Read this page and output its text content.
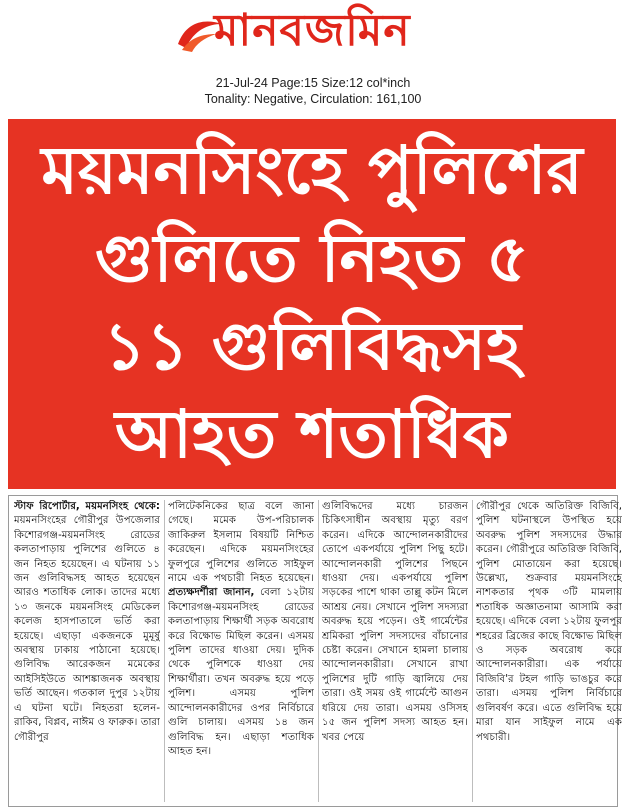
মানবজমিন
21-Jul-24 Page:15 Size:12 col*inch
Tonality: Negative, Circulation: 161,100
ময়মনসিংহে পুলিশের
গুলিতে নিহত ৫
১১ গুলিবিদ্ধসহ
আহত শতাধিক
স্টাফ রিপোর্টার, ময়মনসিংহ থেকে: ময়মনসিংহের গৌরীপুর উপজেলার কিশোরগঞ্জ-ময়মনসিংহ রোডের কলতাপাড়ায় পুলিশের গুলিতে ৪ জন নিহত হয়েছেন। এ ঘটনায় ১১ জন গুলিবিদ্ধসহ আহত হয়েছেন আরও শতাধিক লোক। তাদের মধ্যে ১৩ জনকে ময়মনসিংহ মেডিকেল কলেজ হাসপাতালে ভর্তি করা হয়েছে। এছাড়া একজনকে মুমূর্ষু অবস্থায় ঢাকায় পাঠানো হয়েছে। গুলিবিদ্ধ আরেকজন মমেকের আইসিইউতে আশঙ্কাজনক অবস্থায় ভর্তি আছেন। গতকাল দুপুর ১২টায় এ ঘটনা ঘটে। নিহতরা হলেন- রাকিব, বিপ্লব, নাঈম ও ফারুক। তারা গৌরীপুর
পলিটেকনিকের ছাত্র বলে জানা গেছে। মমেক উপ-পরিচালক জাকিরুল ইসলাম বিষয়টি নিশ্চিত করেছেন। এদিকে ময়মনসিংহের ফুলপুরে পুলিশের গুলিতে সাইফুল নামে এক পথচারী নিহত হয়েছেন। প্রত্যক্ষদর্শীরা জানান, বেলা ১২টায় কিশোরগঞ্জ-ময়মনসিংহ রোডের কলতাপাড়ায় শিক্ষার্থী সড়ক অবরোধ করে বিক্ষোভ মিছিল করেন। এসময় পুলিশ তাদের ধাওয়া দেয়। দুদিক থেকে পুলিশকে ধাওয়া দেয় শিক্ষার্থীরা। তখন অবরুদ্ধ হয়ে পড়ে পুলিশ। এসময় পুলিশ আন্দোলনকারীদের ওপর নির্বিচারে গুলি চালায়। এসময় ১৪ জন গুলিবিদ্ধ হন। এছাড়া শতাধিক আহত হন।
গুলিবিদ্ধদের মধ্যে চারজন চিকিৎসাধীন অবস্থায় মৃত্যু বরণ করেন। এদিকে আন্দোলনকারীদের তোপে একপর্যায়ে পুলিশ পিছু হটে। আন্দোলনকারী পুলিশের পিছনে ধাওয়া দেয়। একপর্যায়ে পুলিশ সড়কের পাশে থাকা তাল্লু কটন মিলে আশ্রয় নেয়। সেখানে পুলিশ সদস্যরা অবরুদ্ধ হয়ে পড়েন। ওই গার্মেন্টের শ্রমিকরা পুলিশ সদস্যদের বাঁচানোর চেষ্টা করেন। সেখানে হামলা চালায় আন্দোলনকারীরা। সেখানে রাখা পুলিশের দুটি গাড়ি জ্বালিয়ে দেয় তারা। ওই সময় ওই গার্মেন্টে আগুন ধরিয়ে দেয় তারা। এসময় ওসিসহ ১৫ জন পুলিশ সদস্য আহত হন। খবর পেয়ে
গৌরীপুর থেকে অতিরিক্ত বিজিবি, পুলিশ ঘটনাস্থলে উপস্থিত হয়ে অবরুদ্ধ পুলিশ সদস্যদের উদ্ধার করেন। গৌরীপুরে অতিরিক্ত বিজিবি, পুলিশ মোতায়েন করা হয়েছে। উল্লেখ্য, শুক্রবার ময়মনসিংহে নাশকতার পৃথক ৩টি মামলায় শতাধিক অজ্ঞাতনামা আসামি করা হয়েছে। এদিকে বেলা ১২টায় ফুলপুর শহরের ব্রিজের কাছে বিক্ষোভ মিছিল ও সড়ক অবরোধ করে আন্দোলনকারীরা। এক পর্যায়ে বিজিবি'র টহল গাড়ি ভাঙচুর করে তারা। এসময় পুলিশ নির্বিচারে গুলিবর্ষণ করে। এতে গুলিবিদ্ধ হয়ে মারা যান সাইফুল নামে এক পথচারী।
